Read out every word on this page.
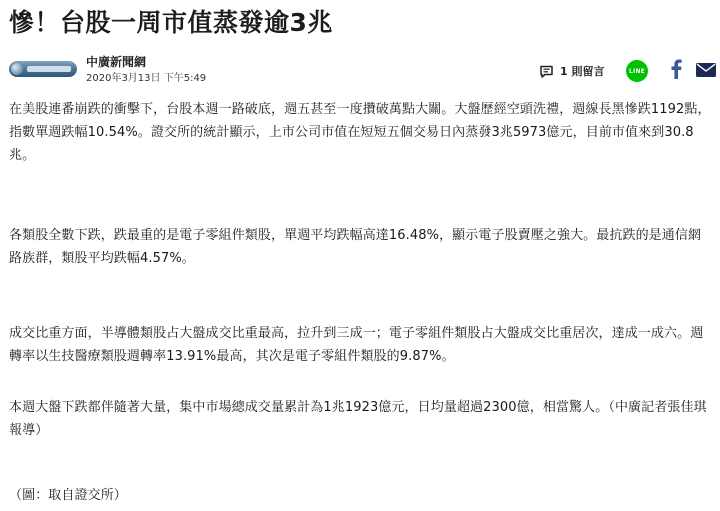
慘！台股一周市值蒸發逾3兆
中廣新聞網
2020年3月13日 下午5:49
1 則留言	LINE

在美股連番崩跌的衝擊下，台股本週一路破底，週五甚至一度攢破萬點大關。大盤歷經空頭洗禮，週線長黑慘跌1192點，指數單週跌幅10.54%。證交所的統計顯示，上市公司市值在短短五個交易日內蒸發3兆5973億元，目前市值來到30.8兆。

各類股全數下跌，跌最重的是電子零組件類股，單週平均跌幅高達16.48%，顯示電子股賣壓之強大。最抗跌的是通信網路族群，類股平均跌幅4.57%。

成交比重方面，半導體類股占大盤成交比重最高，拉升到三成一；電子零組件類股占大盤成交比重居次，達成一成六。週轉率以生技醫療類股週轉率13.91%最高，其次是電子零組件類股的9.87%。

本週大盤下跌都伴隨著大量，集中市場總成交量累計為1兆1923億元，日均量超過2300億，相當驚人。（中廣記者張佳琪報導）

（圖：取自證交所）
